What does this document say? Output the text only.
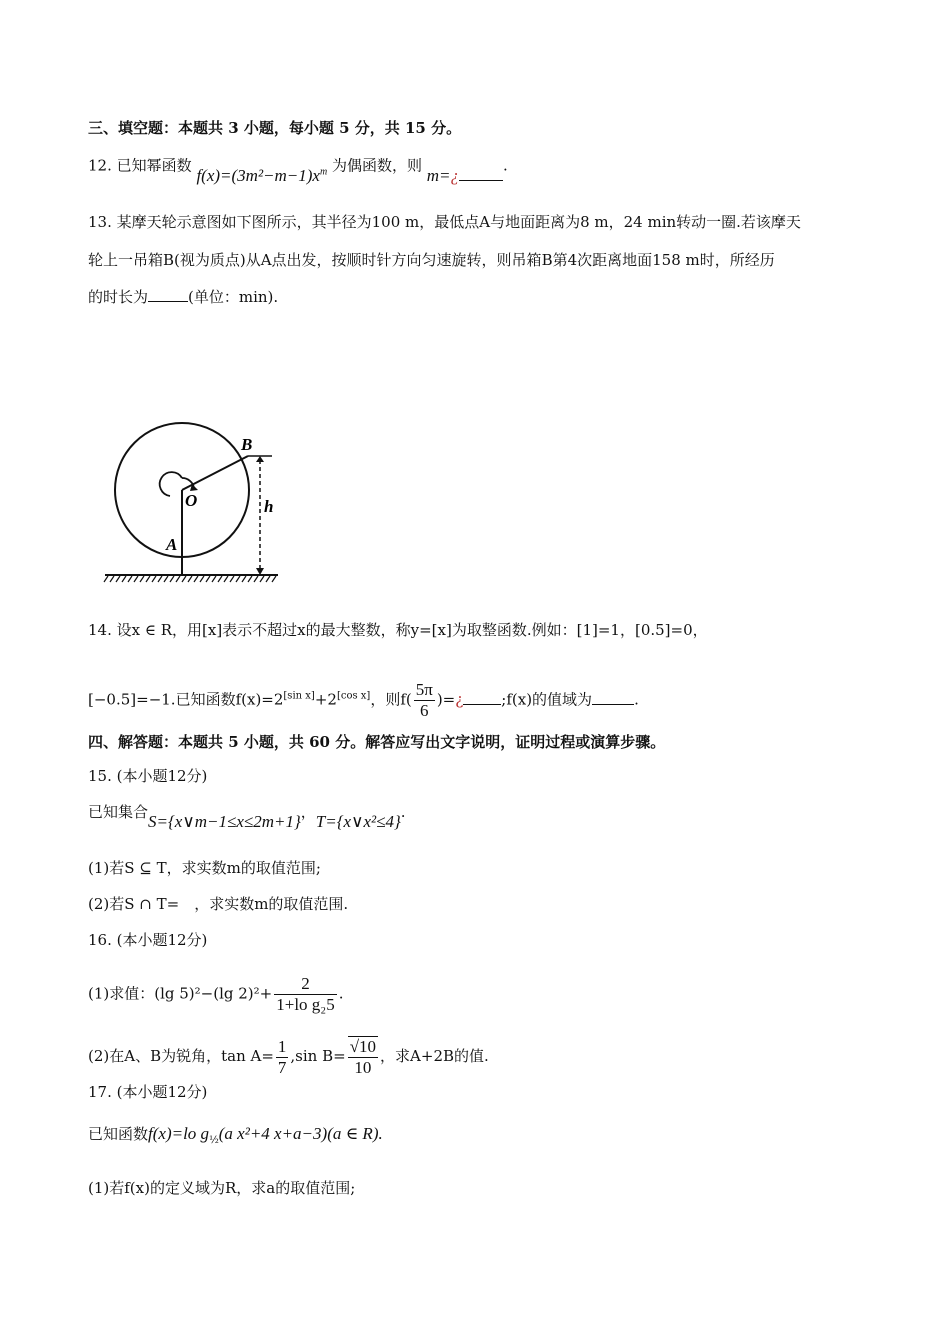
三、填空题：本题共 3 小题，每小题 5 分，共 15 分。
12. 已知幂函数 $f(x)=(3m^2-m-1)x^m$ 为偶函数，则 m=¿	.
13. 某摩天轮示意图如下图所示，其半径为100 m，最低点A与地面距离为8 m，24 min转动一圈.若该摩天
轮上一吊箱B(视为质点)从A点出发，按顺时针方向匀速旋转，则吊箱B第4次距离地面158 m时，所经历
的时长为	(单位：min).
B
O
A
h
14. 设x ∈ R，用[x]表示不超过x的最大整数，称y=[x]为取整函数.例如：[1]=1，[0.5]=0，
[−0.5]=−1.已知函数f(x)=2[sin x]+2[cos x]，则$f( \frac{5\pi}{6}$ )=¿	;f(x)的值域为	.
四、解答题：本题共 5 小题，共 60 分。解答应写出文字说明，证明过程或演算步骤。
15. (本小题12分)
已知集合S={x∨m−1≤x≤2m+1}，T={x∨x²≤4}.
(1)若S ⊆ T，求实数m的取值范围;
(2)若S ∩ T=　，求实数m的取值范围.
16. (本小题12分)
(1)求值：(lg 5)²−(lg $2)^2+ \frac{2}{\text{1+lo g₂5}}$ .
(2)在A、B为锐角，$\tan A= \frac{1}{7} ,\sin$ $B= \frac{√10}{10}$ ，求A+2B的值.
17. (本小题12分)
已知函数f(x)=lo $g_{\frac{1}{2}}(a$ x²+4 x+a−3)(a ∈ R).
(1)若f(x)的定义域为R，求a的取值范围;
